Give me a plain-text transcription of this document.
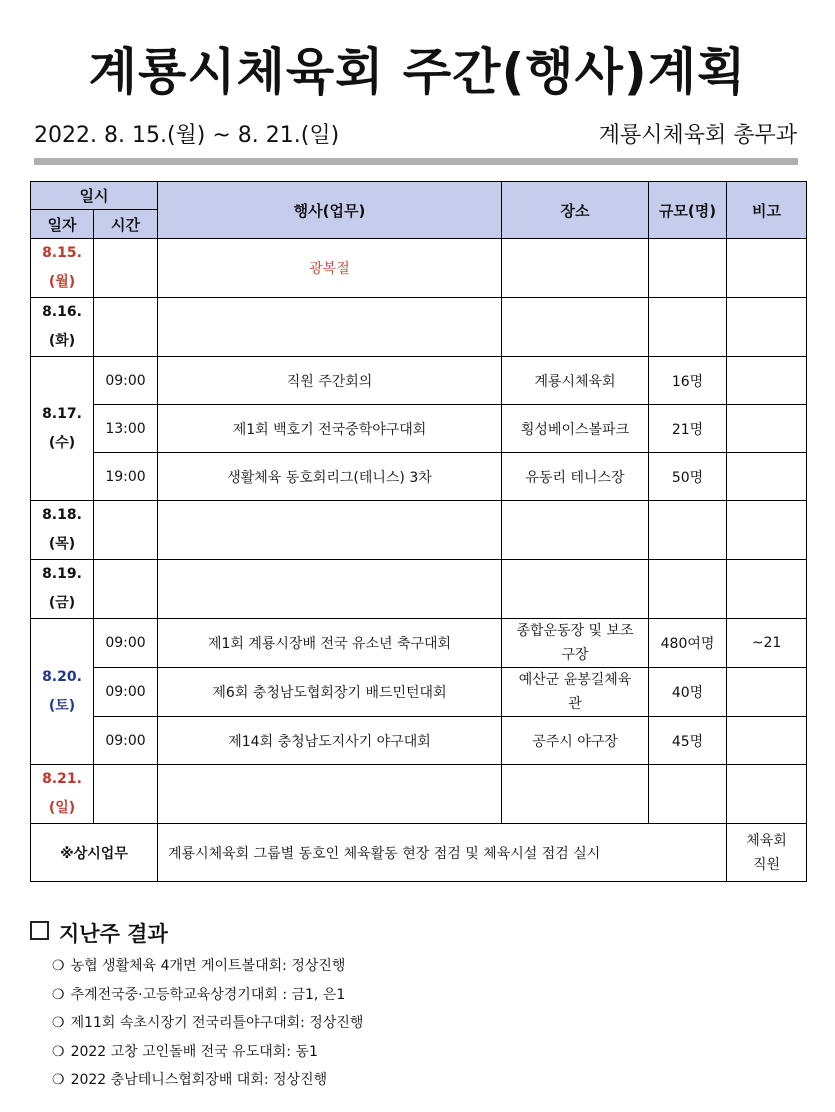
계룡시체육회 주간(행사)계획
2022. 8. 15.(월) ~ 8. 21.(일)	계룡시체육회 총무과
일시		행사(업무)	장소	규모(명)	비고
일자	시간				

8.15.
(월)		광복절			

8.16.
(화)					

8.17.
(수)	09:00	직원 주간회의	계룡시체육회	16명	
	13:00	제1회 백호기 전국중학야구대회	횡성베이스볼파크	21명	
	19:00	생활체육 동호회리그(테니스) 3차	유동리 테니스장	50명	

8.18.
(목)					

8.19.
(금)					

8.20.
(토)	09:00	제1회 계룡시장배 전국 유소년 축구대회	종합운동장 및 보조구장	480여명	~21
	09:00	제6회 충청남도협회장기 배드민턴대회	예산군 윤봉길체육관	40명	
	09:00	제14회 충청남도지사기 야구대회	공주시 야구장	45명	

8.21.
(일)					

※상시업무		계룡시체육회 그룹별 동호인 체육활동 현장 점검 및 체육시설 점검 실시			체육회
직원
지난주 결과
❍ 농협 생활체육 4개면 게이트볼대회: 정상진행
❍ 추계전국중·고등학교육상경기대회 : 금1, 은1
❍ 제11회 속초시장기 전국리틀야구대회: 정상진행
❍ 2022 고창 고인돌배 전국 유도대회: 동1
❍ 2022 충남테니스협회장배 대회: 정상진행
